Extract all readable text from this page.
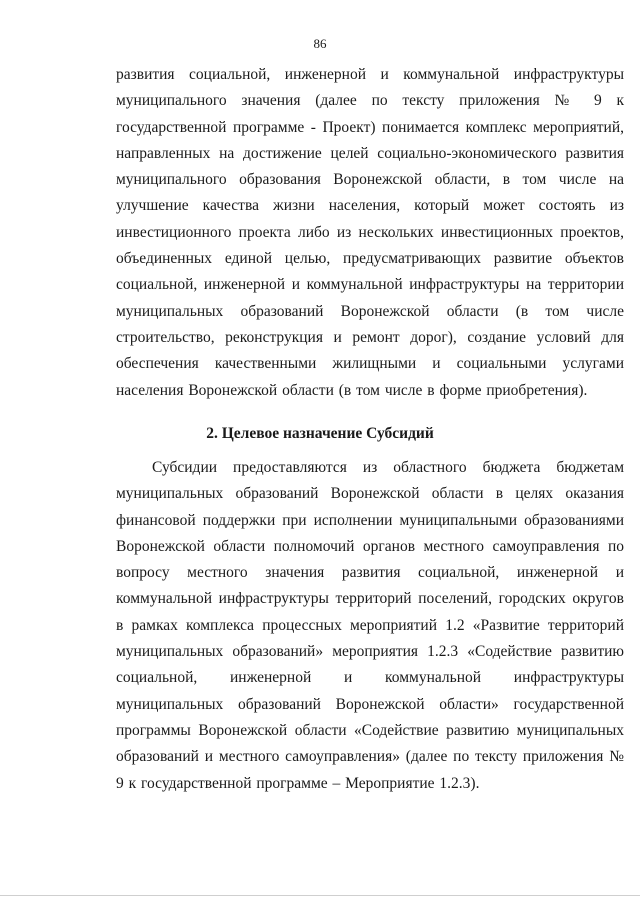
86

развития социальной, инженерной и коммунальной инфраструктуры муниципального значения (далее по тексту приложения № 9 к государственной программе - Проект) понимается комплекс мероприятий, направленных на достижение целей социально-экономического развития муниципального образования Воронежской области, в том числе на улучшение качества жизни населения, который может состоять из инвестиционного проекта либо из нескольких инвестиционных проектов, объединенных единой целью, предусматривающих развитие объектов социальной, инженерной и коммунальной инфраструктуры на территории муниципальных образований Воронежской области (в том числе строительство, реконструкция и ремонт дорог), создание условий для обеспечения качественными жилищными и социальными услугами населения Воронежской области (в том числе в форме приобретения).

2. Целевое назначение Субсидий

Субсидии предоставляются из областного бюджета бюджетам муниципальных образований Воронежской области в целях оказания финансовой поддержки при исполнении муниципальными образованиями Воронежской области полномочий органов местного самоуправления по вопросу местного значения развития социальной, инженерной и коммунальной инфраструктуры территорий поселений, городских округов в рамках комплекса процессных мероприятий 1.2 «Развитие территорий муниципальных образований» мероприятия 1.2.3 «Содействие развитию социальной, инженерной и коммунальной инфраструктуры муниципальных образований Воронежской области» государственной программы Воронежской области «Содействие развитию муниципальных образований и местного самоуправления» (далее по тексту приложения № 9 к государственной программе – Мероприятие 1.2.3).
